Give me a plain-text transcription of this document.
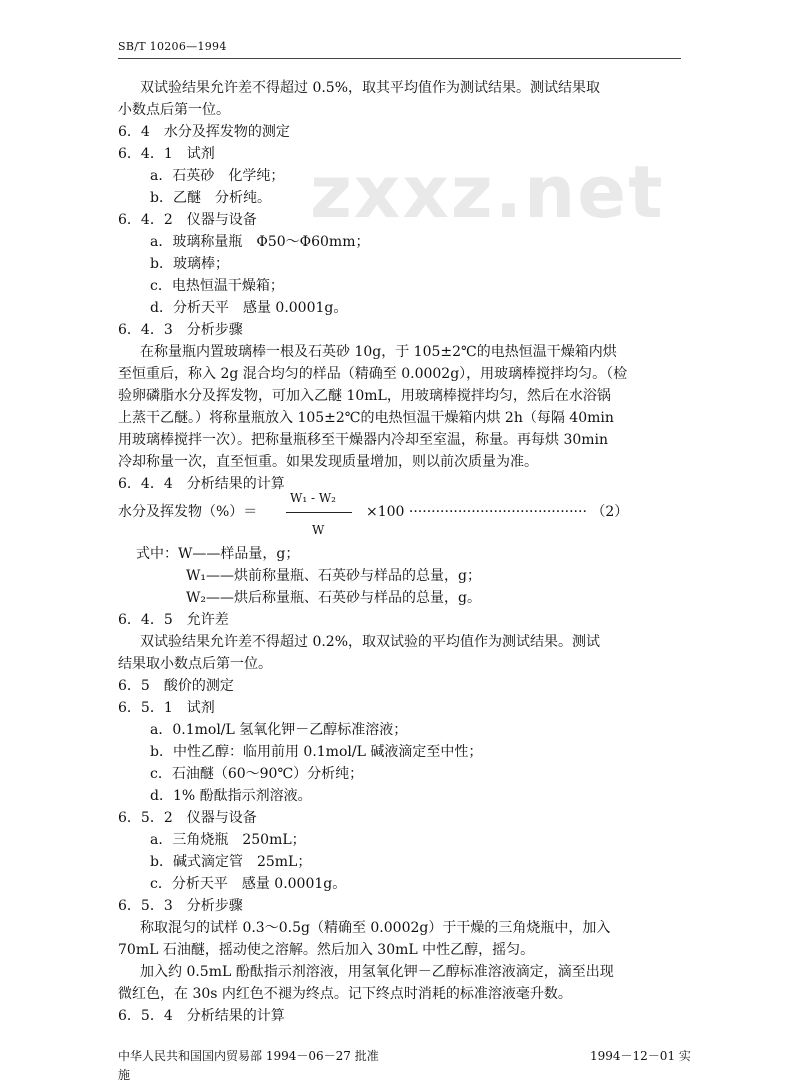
SB/T 10206—1994
zxxz.net
双试验结果允许差不得超过 0.5%，取其平均值作为测试结果。测试结果取
小数点后第一位。
6．4　水分及挥发物的测定
6．4．1　试剂
a．石英砂　化学纯；
b．乙醚　分析纯。
6．4．2　仪器与设备
a．玻璃称量瓶　Φ50～Φ60mm；
b．玻璃棒；
c．电热恒温干燥箱；
d．分析天平　感量 0.0001g。
6．4．3　分析步骤
在称量瓶内置玻璃棒一根及石英砂 10g，于 105±2℃的电热恒温干燥箱内烘
至恒重后，称入 2g 混合均匀的样品（精确至 0.0002g），用玻璃棒搅拌均匀。（检
验卵磷脂水分及挥发物，可加入乙醚 10mL，用玻璃棒搅拌均匀，然后在水浴锅
上蒸干乙醚。）将称量瓶放入 105±2℃的电热恒温干燥箱内烘 2h（每隔 40min
用玻璃棒搅拌一次）。把称量瓶移至干燥器内冷却至室温，称量。再每烘 30min
冷却称量一次，直至恒重。如果发现质量增加，则以前次质量为准。
6．4．4　分析结果的计算
W₁ - W₂
水分及挥发物（%）＝	×100 ········································ （2）
W
式中：W——样品量，g；
W₁——烘前称量瓶、石英砂与样品的总量，g；
W₂——烘后称量瓶、石英砂与样品的总量，g。
6．4．5　允许差
双试验结果允许差不得超过 0.2%，取双试验的平均值作为测试结果。测试
结果取小数点后第一位。
6．5　酸价的测定
6．5．1　试剂
a．0.1mol/L 氢氧化钾－乙醇标准溶液；
b．中性乙醇：临用前用 0.1mol/L 碱液滴定至中性；
c．石油醚（60～90℃）分析纯；
d．1% 酚酞指示剂溶液。
6．5．2　仪器与设备
a．三角烧瓶　250mL；
b．碱式滴定管　25mL；
c．分析天平　感量 0.0001g。
6．5．3　分析步骤
称取混匀的试样 0.3～0.5g（精确至 0.0002g）于干燥的三角烧瓶中，加入
70mL 石油醚，摇动使之溶解。然后加入 30mL 中性乙醇，摇匀。
加入约 0.5mL 酚酞指示剂溶液，用氢氧化钾－乙醇标准溶液滴定，滴至出现
微红色，在 30s 内红色不褪为终点。记下终点时消耗的标准溶液毫升数。
6．5．4　分析结果的计算
中华人民共和国国内贸易部 1994－06－27 批准
施
1994－12－01 实
